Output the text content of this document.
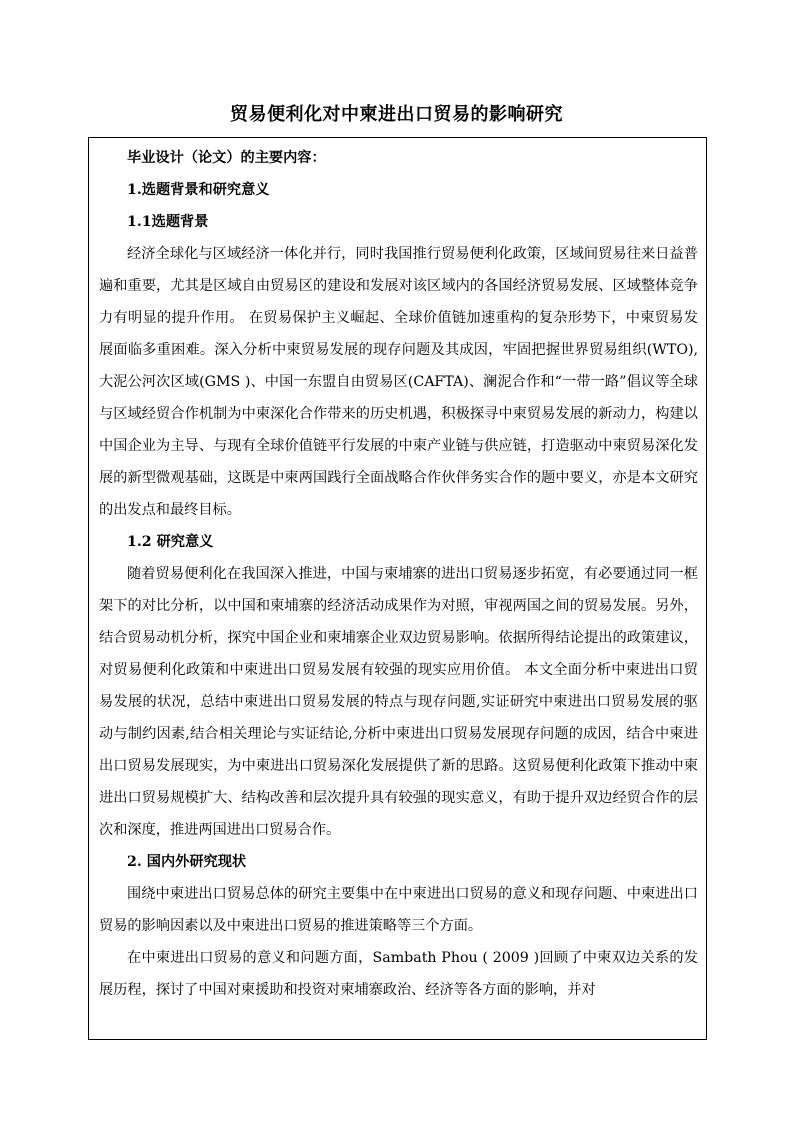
贸易便利化对中柬进出口贸易的影响研究

毕业设计（论文）的主要内容：

1.选题背景和研究意义

1.1选题背景

经济全球化与区域经济一体化并行，同时我国推行贸易便利化政策，区域间贸易往来日益普遍和重要，尤其是区域自由贸易区的建设和发展对该区域内的各国经济贸易发展、区域整体竞争力有明显的提升作用。 在贸易保护主义崛起、全球价值链加速重构的复杂形势下，中柬贸易发展面临多重困难。深入分析中柬贸易发展的现存问题及其成因，牢固把握世界贸易组织(WTO),大泥公河次区域(GMS )、中国一东盟自由贸易区(CAFTA)、澜泥合作和“一带一路”倡议等全球与区域经贸合作机制为中柬深化合作带来的历史机遇，积极探寻中柬贸易发展的新动力，构建以中国企业为主导、与现有全球价值链平行发展的中柬产业链与供应链，打造驱动中柬贸易深化发展的新型微观基础，这既是中柬两国践行全面战略合作伙伴务实合作的题中要义，亦是本文研究的出发点和最终目标。

1.2 研究意义

随着贸易便利化在我国深入推进，中国与柬埔寨的进出口贸易逐步拓宽，有必要通过同一框架下的对比分析，以中国和柬埔寨的经济活动成果作为对照，审视两国之间的贸易发展。另外，结合贸易动机分析，探究中国企业和柬埔寨企业双边贸易影响。依据所得结论提出的政策建议，对贸易便利化政策和中柬进出口贸易发展有较强的现实应用价值。 本文全面分析中柬进出口贸易发展的状况，总结中柬进出口贸易发展的特点与现存问题,实证研究中柬进出口贸易发展的驱动与制约因素,结合相关理论与实证结论,分析中柬进出口贸易发展现存问题的成因，结合中柬进出口贸易发展现实，为中柬进出口贸易深化发展提供了新的思路。这贸易便利化政策下推动中柬进出口贸易规模扩大、结构改善和层次提升具有较强的现实意义，有助于提升双边经贸合作的层次和深度，推进两国进出口贸易合作。

2. 国内外研究现状

围绕中柬进出口贸易总体的研究主要集中在中柬进出口贸易的意义和现存问题、中柬进出口贸易的影响因素以及中柬进出口贸易的推进策略等三个方面。

在中柬进出口贸易的意义和问题方面，Sambath Phou ( 2009 )回顾了中柬双边关系的发展历程，探讨了中国对柬援助和投资对柬埔寨政治、经济等各方面的影响，并对
